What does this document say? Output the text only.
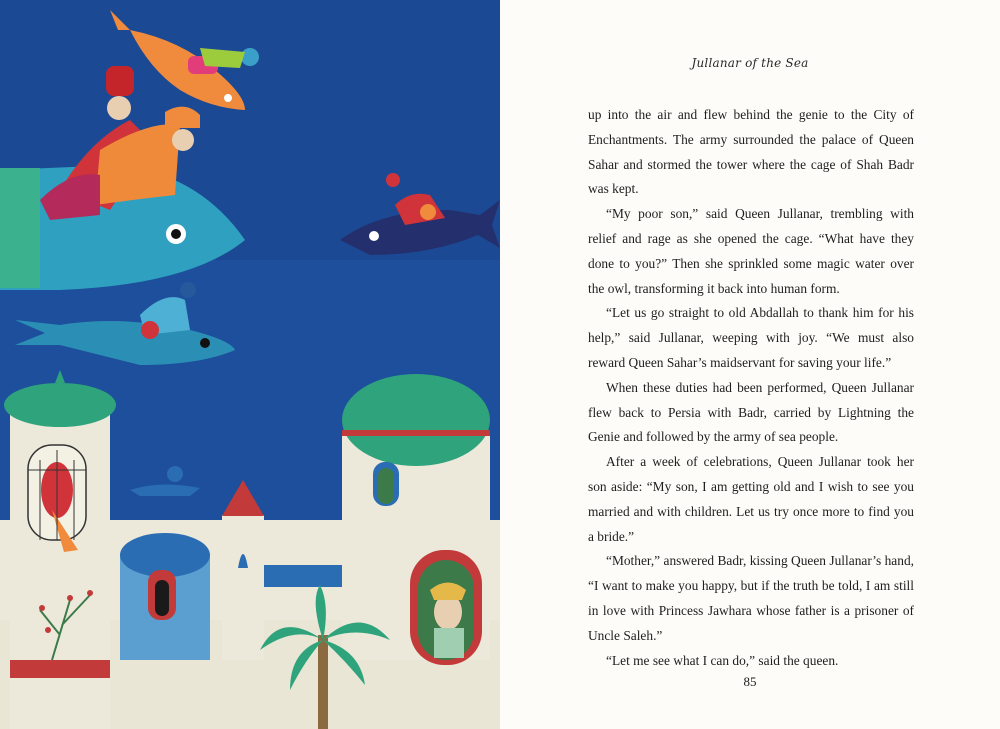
Jullanar of the Sea

up into the air and flew behind the genie to the City of Enchantments. The army surrounded the palace of Queen Sahar and stormed the tower where the cage of Shah Badr was kept.

“My poor son,” said Queen Jullanar, trembling with relief and rage as she opened the cage. “What have they done to you?” Then she sprinkled some magic water over the owl, transforming it back into human form.

“Let us go straight to old Abdallah to thank him for his help,” said Jullanar, weeping with joy. “We must also reward Queen Sahar’s maidservant for saving your life.”

When these duties had been performed, Queen Jullanar flew back to Persia with Badr, carried by Lightning the Genie and followed by the army of sea people.

After a week of celebrations, Queen Jullanar took her son aside: “My son, I am getting old and I wish to see you married and with children. Let us try once more to find you a bride.”

“Mother,” answered Badr, kissing Queen Jullanar’s hand, “I want to make you happy, but if the truth be told, I am still in love with Princess Jawhara whose father is a prisoner of Uncle Saleh.”

“Let me see what I can do,” said the queen.

85
